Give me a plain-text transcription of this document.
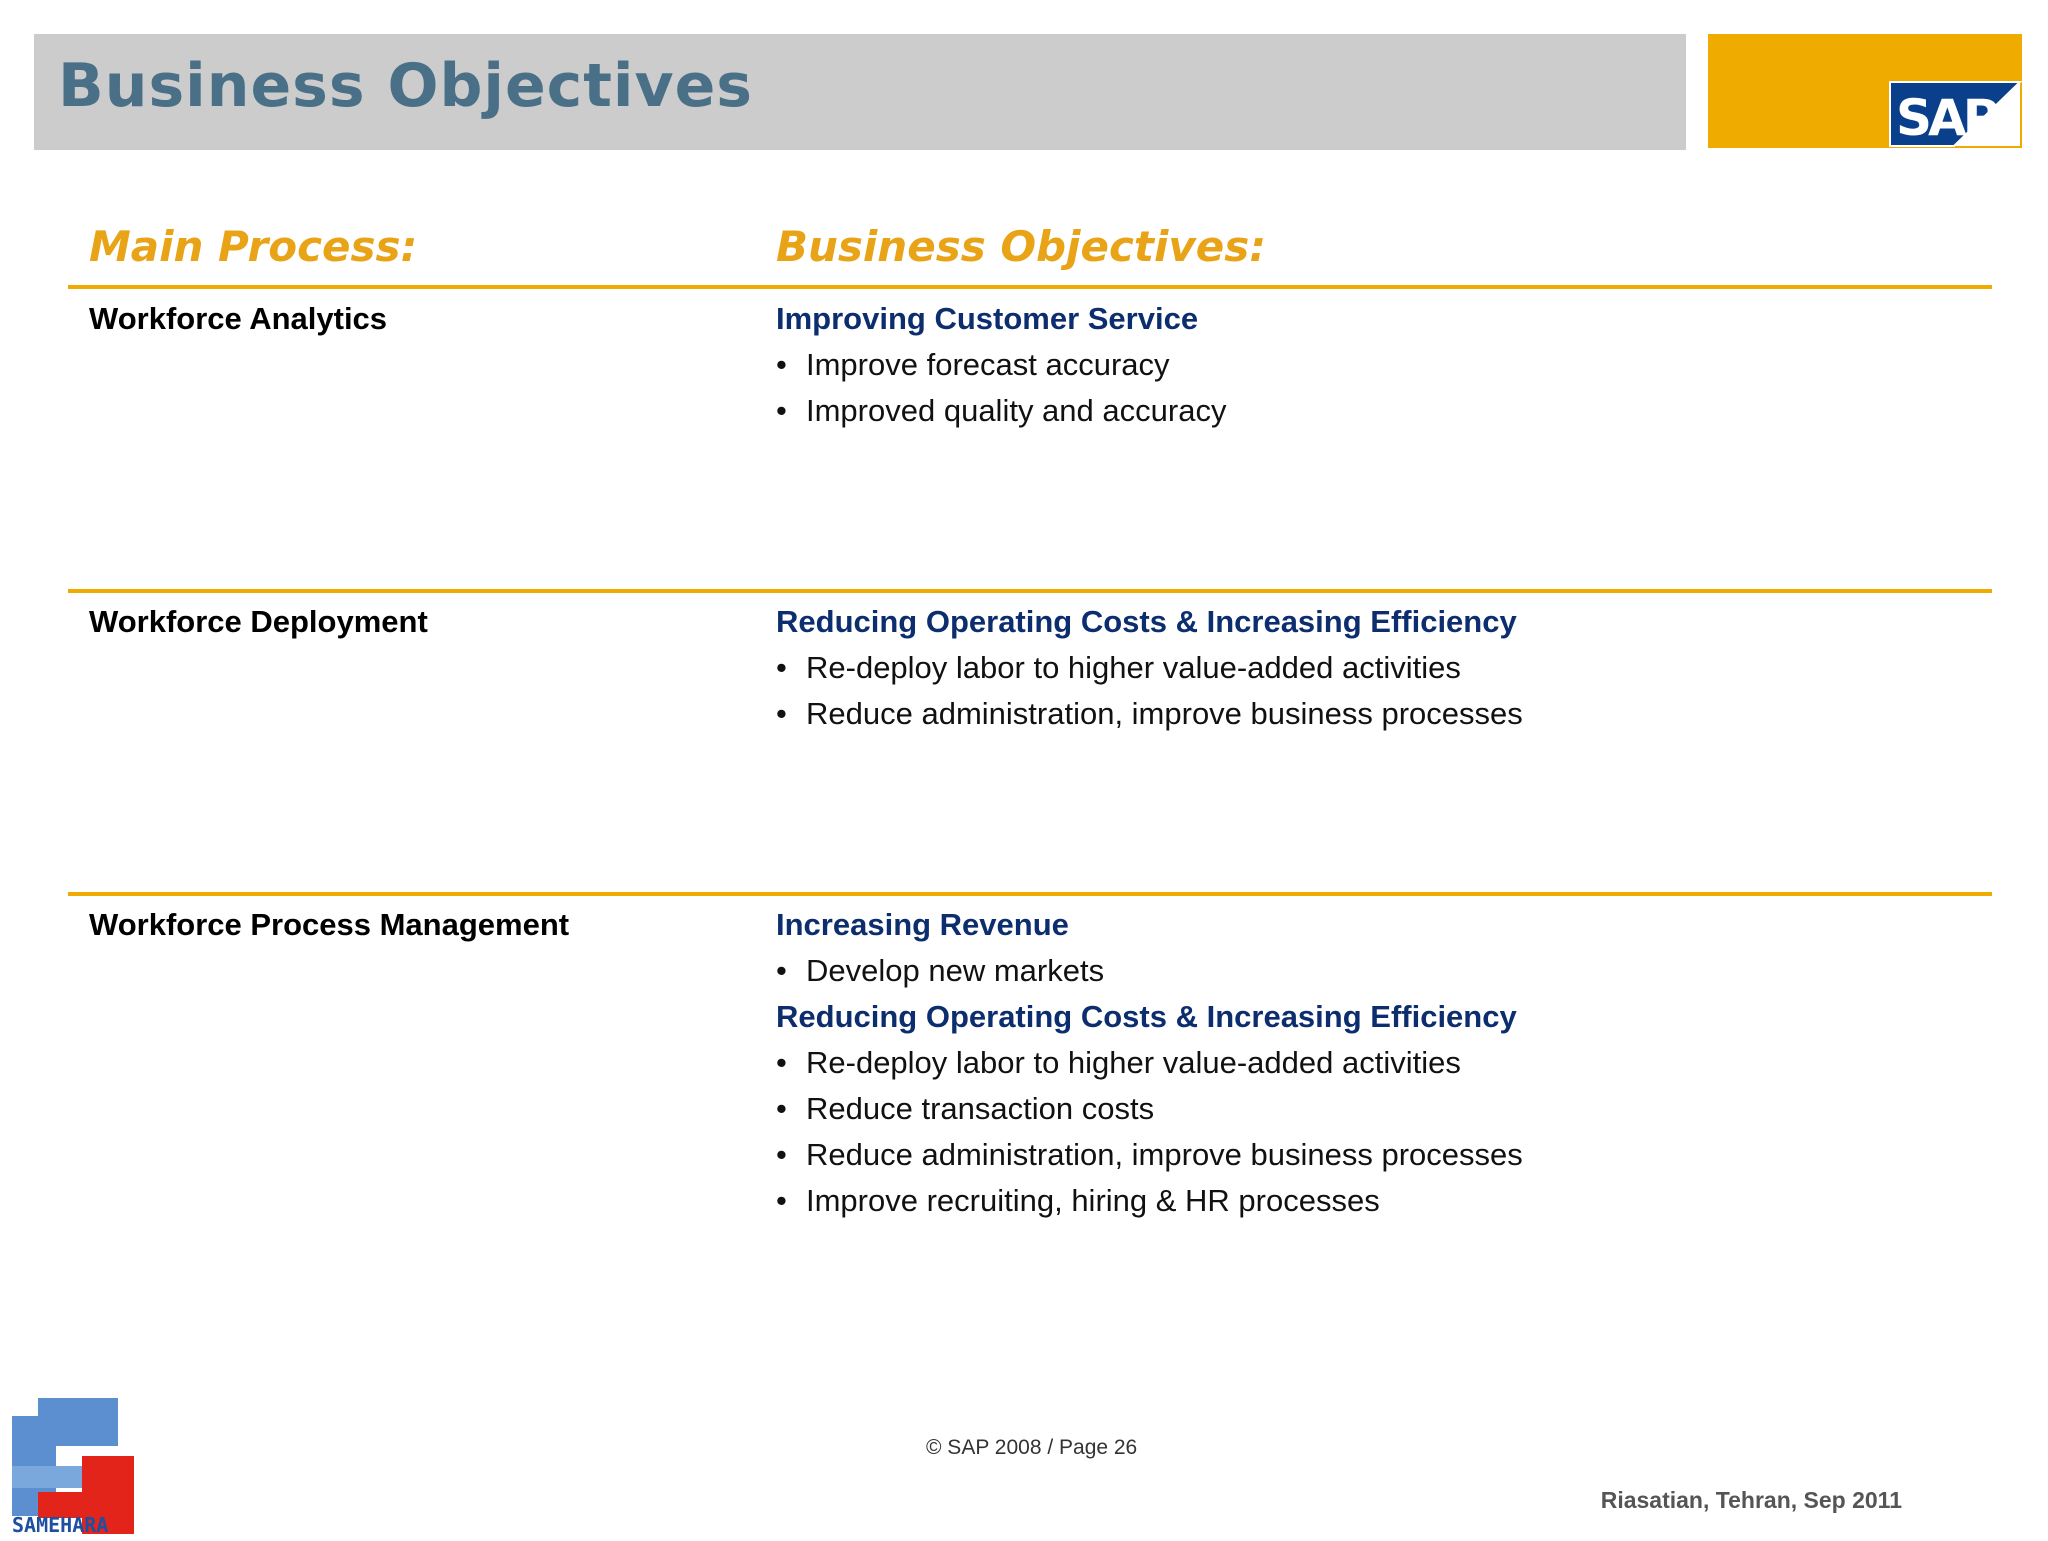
Business Objectives	SAP
Main Process:	Business Objectives:
Workforce Analytics	Improving Customer Service
• Improve forecast accuracy
• Improved quality and accuracy
Workforce Deployment	Reducing Operating Costs & Increasing Efficiency
• Re-deploy labor to higher value-added activities
• Reduce administration, improve business processes
Workforce Process Management	Increasing Revenue
• Develop new markets
Reducing Operating Costs & Increasing Efficiency
• Re-deploy labor to higher value-added activities
• Reduce transaction costs
• Reduce administration, improve business processes
• Improve recruiting, hiring & HR processes
© SAP 2008 / Page 26
Riasatian, Tehran, Sep 2011
SAMEHARA
